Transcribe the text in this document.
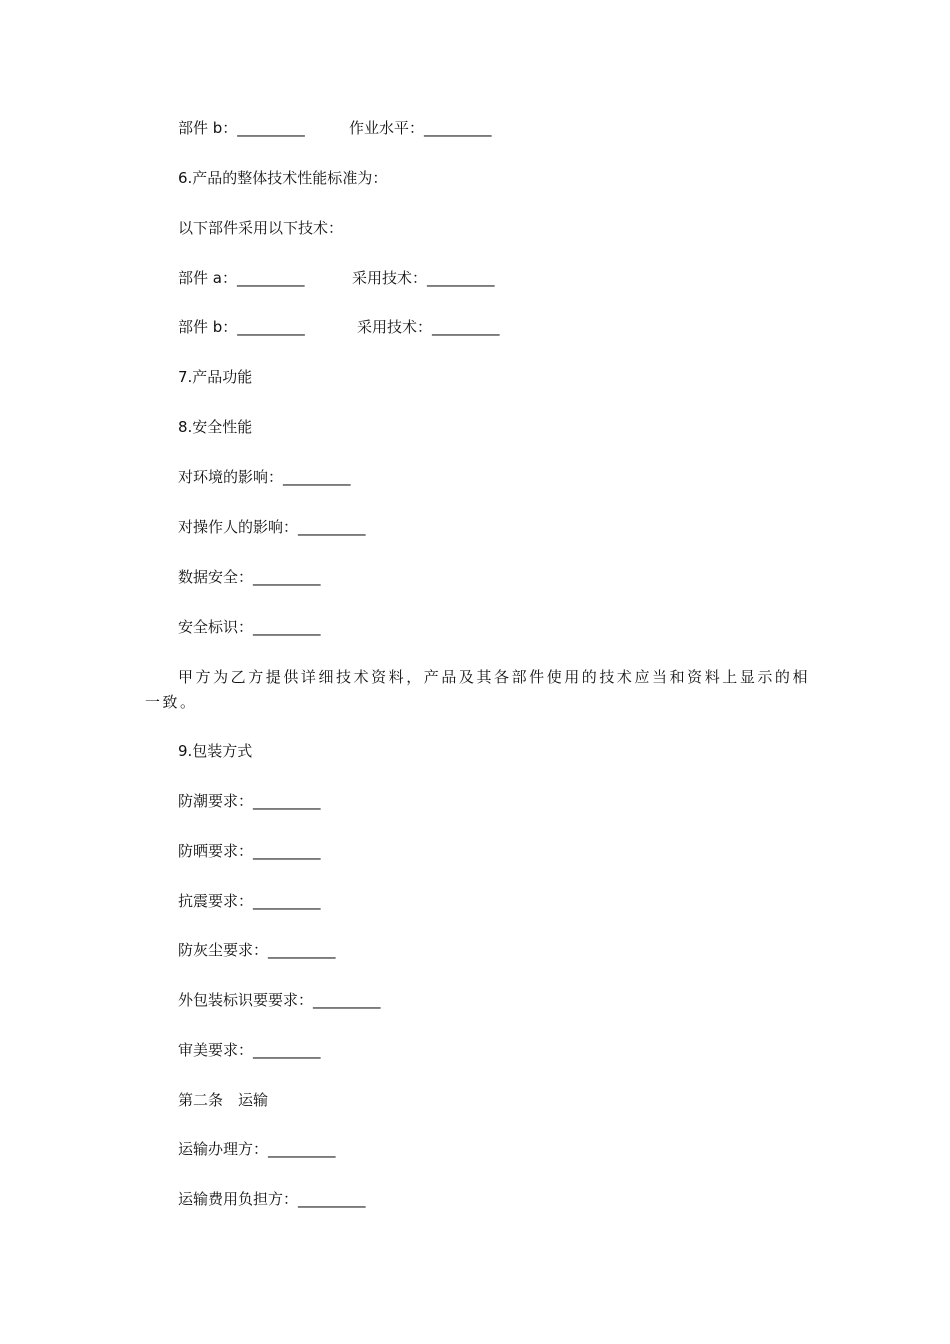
部件 b：_________	作业水平：_________
6.产品的整体技术性能标准为：
以下部件采用以下技术：
部件 a：_________	采用技术：_________
部件 b：_________	采用技术：_________
7.产品功能
8.安全性能
对环境的影响：_________
对操作人的影响：_________
数据安全：_________
安全标识：_________
甲方为乙方提供详细技术资料，产品及其各部件使用的技术应当和资料上显示的相一致。
9.包装方式
防潮要求：_________
防晒要求：_________
抗震要求：_________
防灰尘要求：_________
外包装标识要要求：_________
审美要求：_________
第二条　运输
运输办理方：_________
运输费用负担方：_________
